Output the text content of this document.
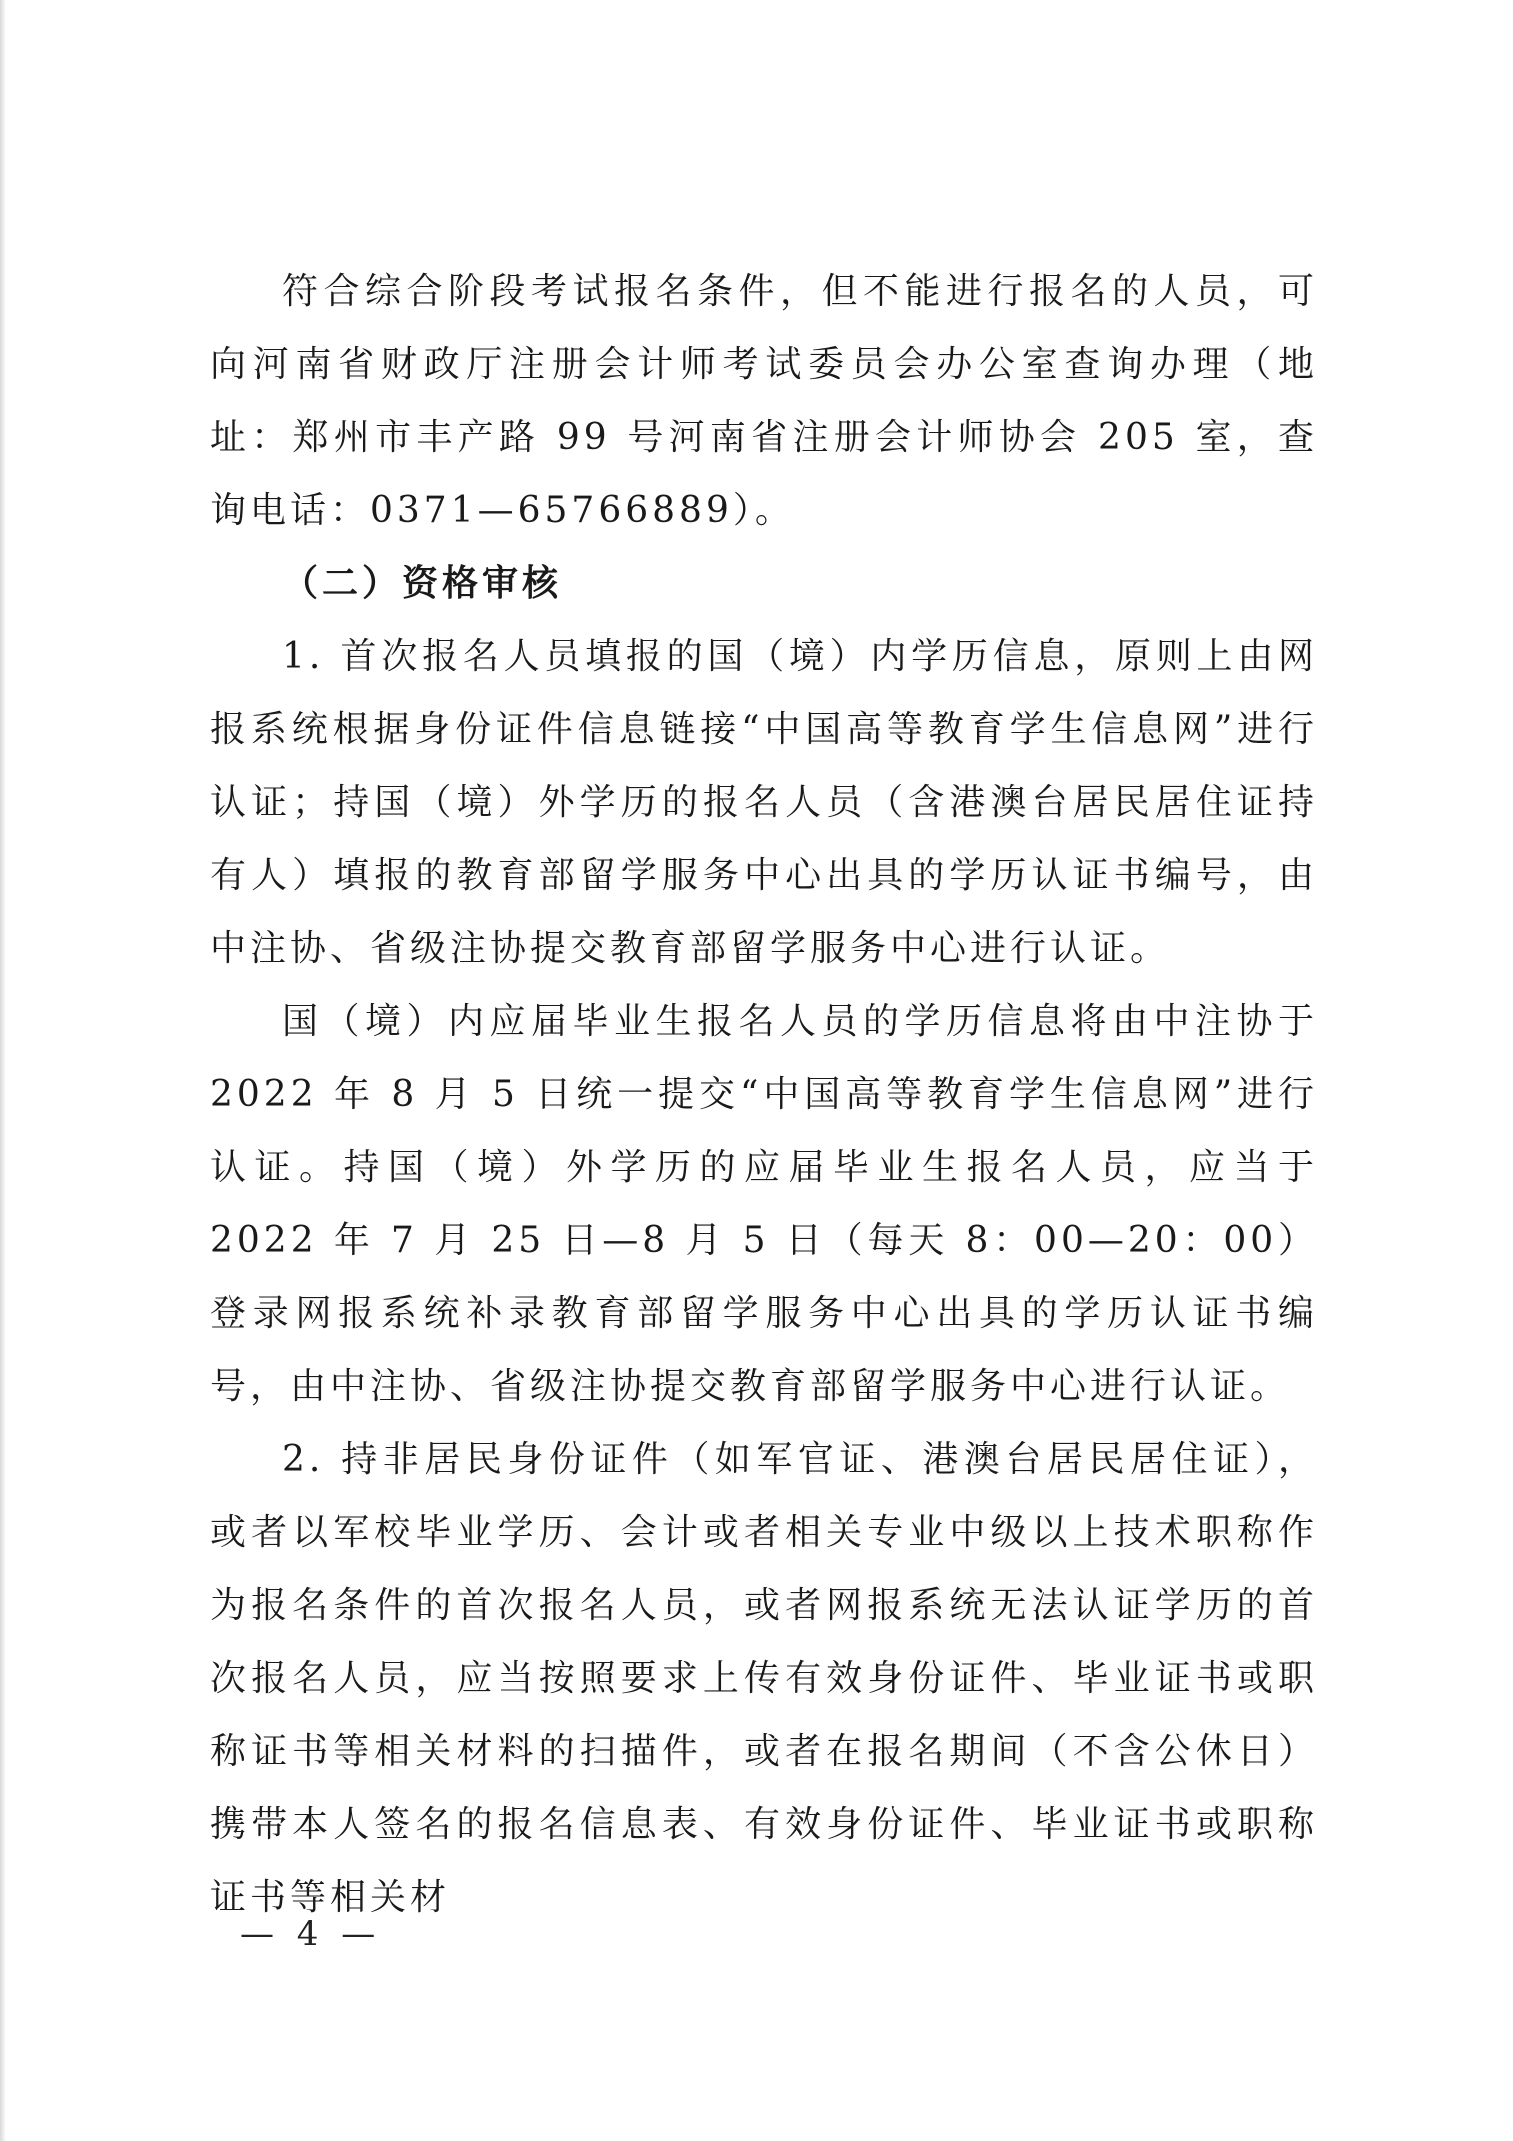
符合综合阶段考试报名条件，但不能进行报名的人员，可向河南省财政厅注册会计师考试委员会办公室查询办理（地址：郑州市丰产路 99 号河南省注册会计师协会 205 室，查询电话：0371—65766889）。

（二）资格审核

1. 首次报名人员填报的国（境）内学历信息，原则上由网报系统根据身份证件信息链接“中国高等教育学生信息网”进行认证；持国（境）外学历的报名人员（含港澳台居民居住证持有人）填报的教育部留学服务中心出具的学历认证书编号，由中注协、省级注协提交教育部留学服务中心进行认证。

国（境）内应届毕业生报名人员的学历信息将由中注协于 2022 年 8 月 5 日统一提交“中国高等教育学生信息网”进行认证。持国（境）外学历的应届毕业生报名人员，应当于 2022 年 7 月 25 日—8 月 5 日（每天 8：00—20：00）登录网报系统补录教育部留学服务中心出具的学历认证书编号，由中注协、省级注协提交教育部留学服务中心进行认证。

2. 持非居民身份证件（如军官证、港澳台居民居住证），或者以军校毕业学历、会计或者相关专业中级以上技术职称作为报名条件的首次报名人员，或者网报系统无法认证学历的首次报名人员，应当按照要求上传有效身份证件、毕业证书或职称证书等相关材料的扫描件，或者在报名期间（不含公休日）携带本人签名的报名信息表、有效身份证件、毕业证书或职称证书等相关材

— 4 —
